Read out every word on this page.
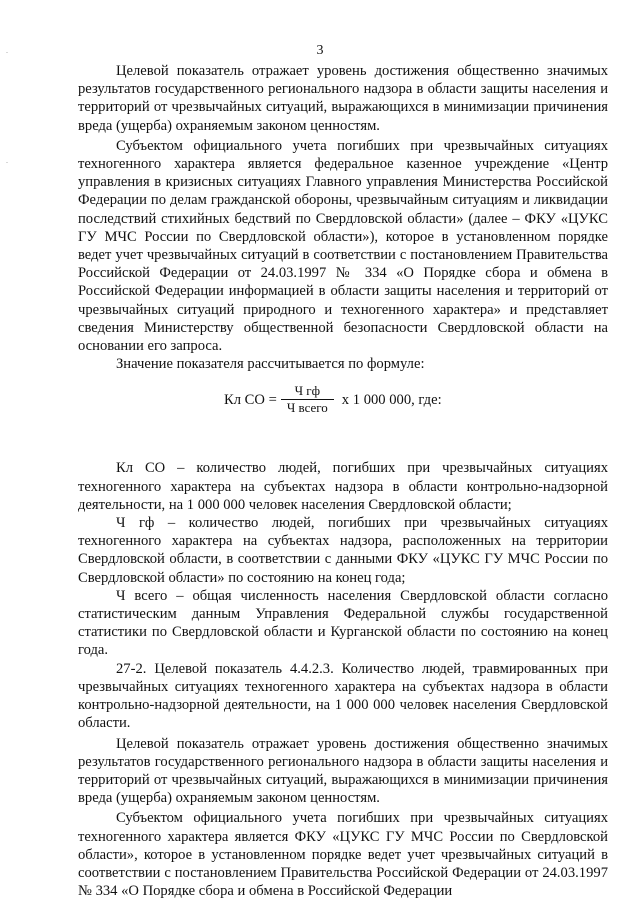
3

Целевой показатель отражает уровень достижения общественно значимых результатов государственного регионального надзора в области защиты населения и территорий от чрезвычайных ситуаций, выражающихся в минимизации причинения вреда (ущерба) охраняемым законом ценностям.

Субъектом официального учета погибших при чрезвычайных ситуациях техногенного характера является федеральное казенное учреждение «Центр управления в кризисных ситуациях Главного управления Министерства Российской Федерации по делам гражданской обороны, чрезвычайным ситуациям и ликвидации последствий стихийных бедствий по Свердловской области» (далее – ФКУ «ЦУКС ГУ МЧС России по Свердловской области»), которое в установленном порядке ведет учет чрезвычайных ситуаций в соответствии с постановлением Правительства Российской Федерации от 24.03.1997 № 334 «О Порядке сбора и обмена в Российской Федерации информацией в области защиты населения и территорий от чрезвычайных ситуаций природного и техногенного характера» и представляет сведения Министерству общественной безопасности Свердловской области на основании его запроса.

Значение показателя рассчитывается по формуле:

Кл СО = $\frac{\text{Ч гф}}{\text{Ч всего}}$ х 1 000 000, где:

Кл СО – количество людей, погибших при чрезвычайных ситуациях техногенного характера на субъектах надзора в области контрольно-надзорной деятельности, на 1 000 000 человек населения Свердловской области;

Ч гф – количество людей, погибших при чрезвычайных ситуациях техногенного характера на субъектах надзора, расположенных на территории Свердловской области, в соответствии с данными ФКУ «ЦУКС ГУ МЧС России по Свердловской области» по состоянию на конец года;

Ч всего – общая численность населения Свердловской области согласно статистическим данным Управления Федеральной службы государственной статистики по Свердловской области и Курганской области по состоянию на конец года.

27-2. Целевой показатель 4.4.2.3. Количество людей, травмированных при чрезвычайных ситуациях техногенного характера на субъектах надзора в области контрольно-надзорной деятельности, на 1 000 000 человек населения Свердловской области.

Целевой показатель отражает уровень достижения общественно значимых результатов государственного регионального надзора в области защиты населения и территорий от чрезвычайных ситуаций, выражающихся в минимизации причинения вреда (ущерба) охраняемым законом ценностям.

Субъектом официального учета погибших при чрезвычайных ситуациях техногенного характера является ФКУ «ЦУКС ГУ МЧС России по Свердловской области», которое в установленном порядке ведет учет чрезвычайных ситуаций в соответствии с постановлением Правительства Российской Федерации от 24.03.1997 № 334 «О Порядке сбора и обмена в Российской Федерации
